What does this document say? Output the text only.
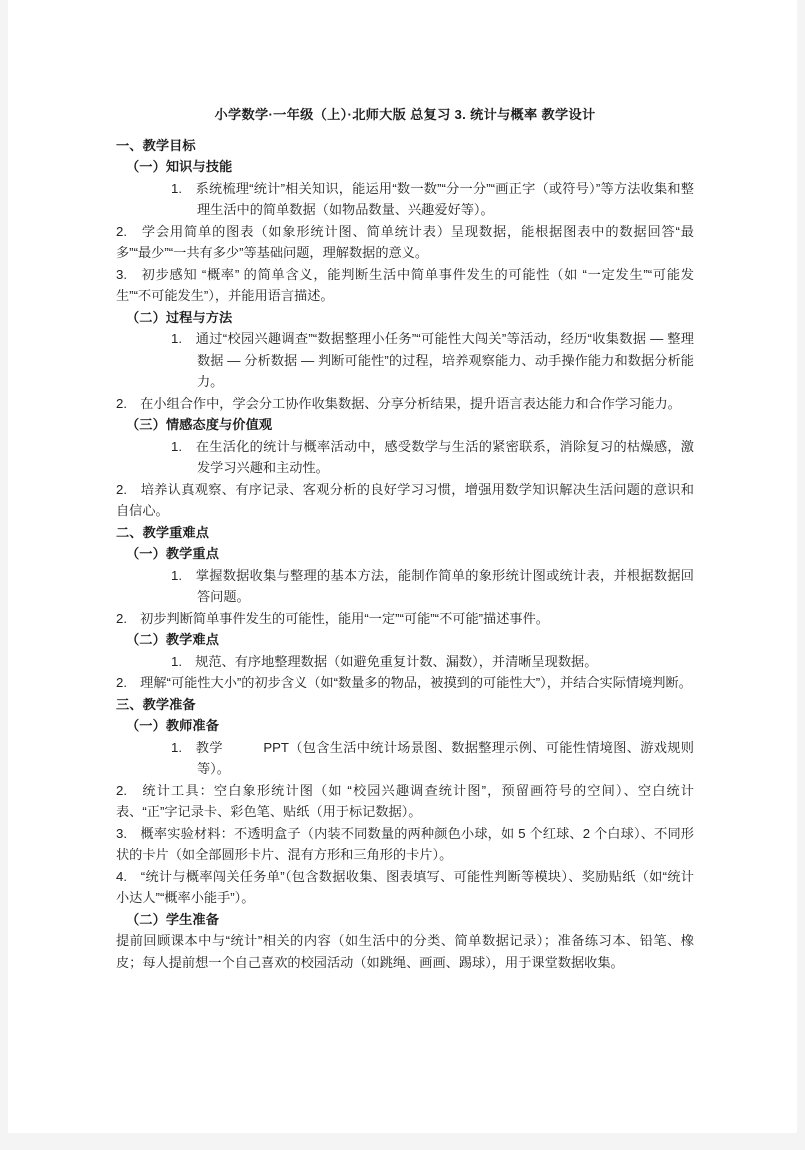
小学数学·一年级（上）·北师大版 总复习 3. 统计与概率 教学设计
一、教学目标
（一）知识与技能
1.　系统梳理“统计”相关知识，能运用“数一数”“分一分”“画正字（或符号）”等方法收集和整理生活中的简单数据（如物品数量、兴趣爱好等）。
2.　学会用简单的图表（如象形统计图、简单统计表）呈现数据，能根据图表中的数据回答“最多”“最少”“一共有多少”等基础问题，理解数据的意义。
3.　初步感知 “概率” 的简单含义，能判断生活中简单事件发生的可能性（如 “一定发生”“可能发生”“不可能发生”），并能用语言描述。
（二）过程与方法
1.　通过“校园兴趣调查”“数据整理小任务”“可能性大闯关”等活动，经历“收集数据 — 整理数据 — 分析数据 — 判断可能性”的过程，培养观察能力、动手操作能力和数据分析能力。
2.　在小组合作中，学会分工协作收集数据、分享分析结果，提升语言表达能力和合作学习能力。
（三）情感态度与价值观
1.　在生活化的统计与概率活动中，感受数学与生活的紧密联系，消除复习的枯燥感，激发学习兴趣和主动性。
2.　培养认真观察、有序记录、客观分析的良好学习习惯，增强用数学知识解决生活问题的意识和自信心。
二、教学重难点
（一）教学重点
1.　掌握数据收集与整理的基本方法，能制作简单的象形统计图或统计表，并根据数据回答问题。
2.　初步判断简单事件发生的可能性，能用“一定”“可能”“不可能”描述事件。
（二）教学难点
1.　规范、有序地整理数据（如避免重复计数、漏数），并清晰呈现数据。
2.　理解“可能性大小”的初步含义（如“数量多的物品，被摸到的可能性大”），并结合实际情境判断。
三、教学准备
（一）教师准备
1.　教学　　　PPT（包含生活中统计场景图、数据整理示例、可能性情境图、游戏规则等）。
2.　统计工具：空白象形统计图（如 “校园兴趣调查统计图”，预留画符号的空间）、空白统计表、“正”字记录卡、彩色笔、贴纸（用于标记数据）。
3.　概率实验材料：不透明盒子（内装不同数量的两种颜色小球，如 5 个红球、2 个白球）、不同形状的卡片（如全部圆形卡片、混有方形和三角形的卡片）。
4.　“统计与概率闯关任务单”（包含数据收集、图表填写、可能性判断等模块）、奖励贴纸（如“统计小达人”“概率小能手”）。
（二）学生准备
提前回顾课本中与“统计”相关的内容（如生活中的分类、简单数据记录）；准备练习本、铅笔、橡皮；每人提前想一个自己喜欢的校园活动（如跳绳、画画、踢球），用于课堂数据收集。
